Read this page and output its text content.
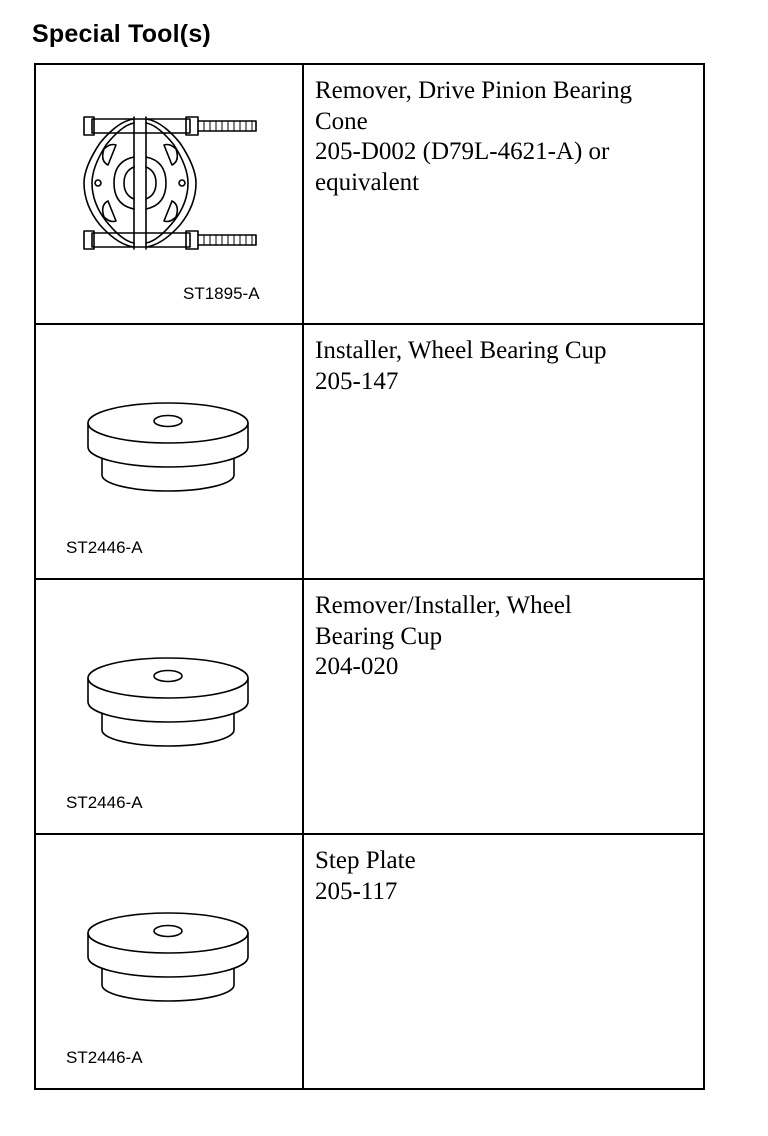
Special Tool(s)
ST1895-A	Remover, Drive Pinion Bearing
Cone
205-D002 (D79L-4621-A) or
equivalent

ST2446-A	Installer, Wheel Bearing Cup
205-147

ST2446-A	Remover/Installer, Wheel
Bearing Cup
204-020

ST2446-A	Step Plate
205-117
